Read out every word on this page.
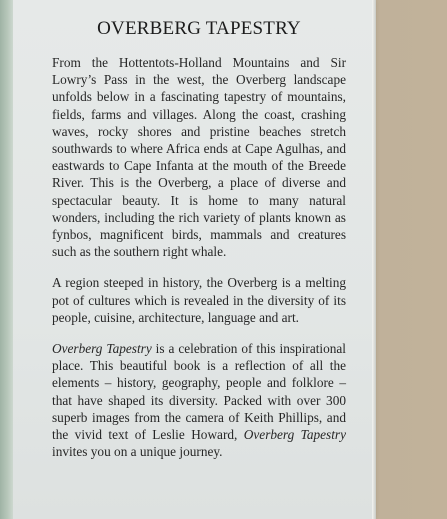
OVERBERG TAPESTRY

From the Hottentots-Holland Mountains and Sir Lowry’s Pass in the west, the Overberg landscape unfolds below in a fascinating tapestry of mountains, fields, farms and villages. Along the coast, crashing waves, rocky shores and pristine beaches stretch southwards to where Africa ends at Cape Agulhas, and eastwards to Cape Infanta at the mouth of the Breede River. This is the Overberg, a place of diverse and spectacular beauty. It is home to many natural wonders, including the rich variety of plants known as fynbos, magnificent birds, mammals and creatures such as the southern right whale.

A region steeped in history, the Overberg is a melting pot of cultures which is revealed in the diversity of its people, cuisine, architecture, language and art.

Overberg Tapestry is a celebration of this inspirational place. This beautiful book is a reflection of all the elements – history, geography, people and folklore – that have shaped its diversity. Packed with over 300 superb images from the camera of Keith Phillips, and the vivid text of Leslie Howard, Overberg Tapestry invites you on a unique journey.
